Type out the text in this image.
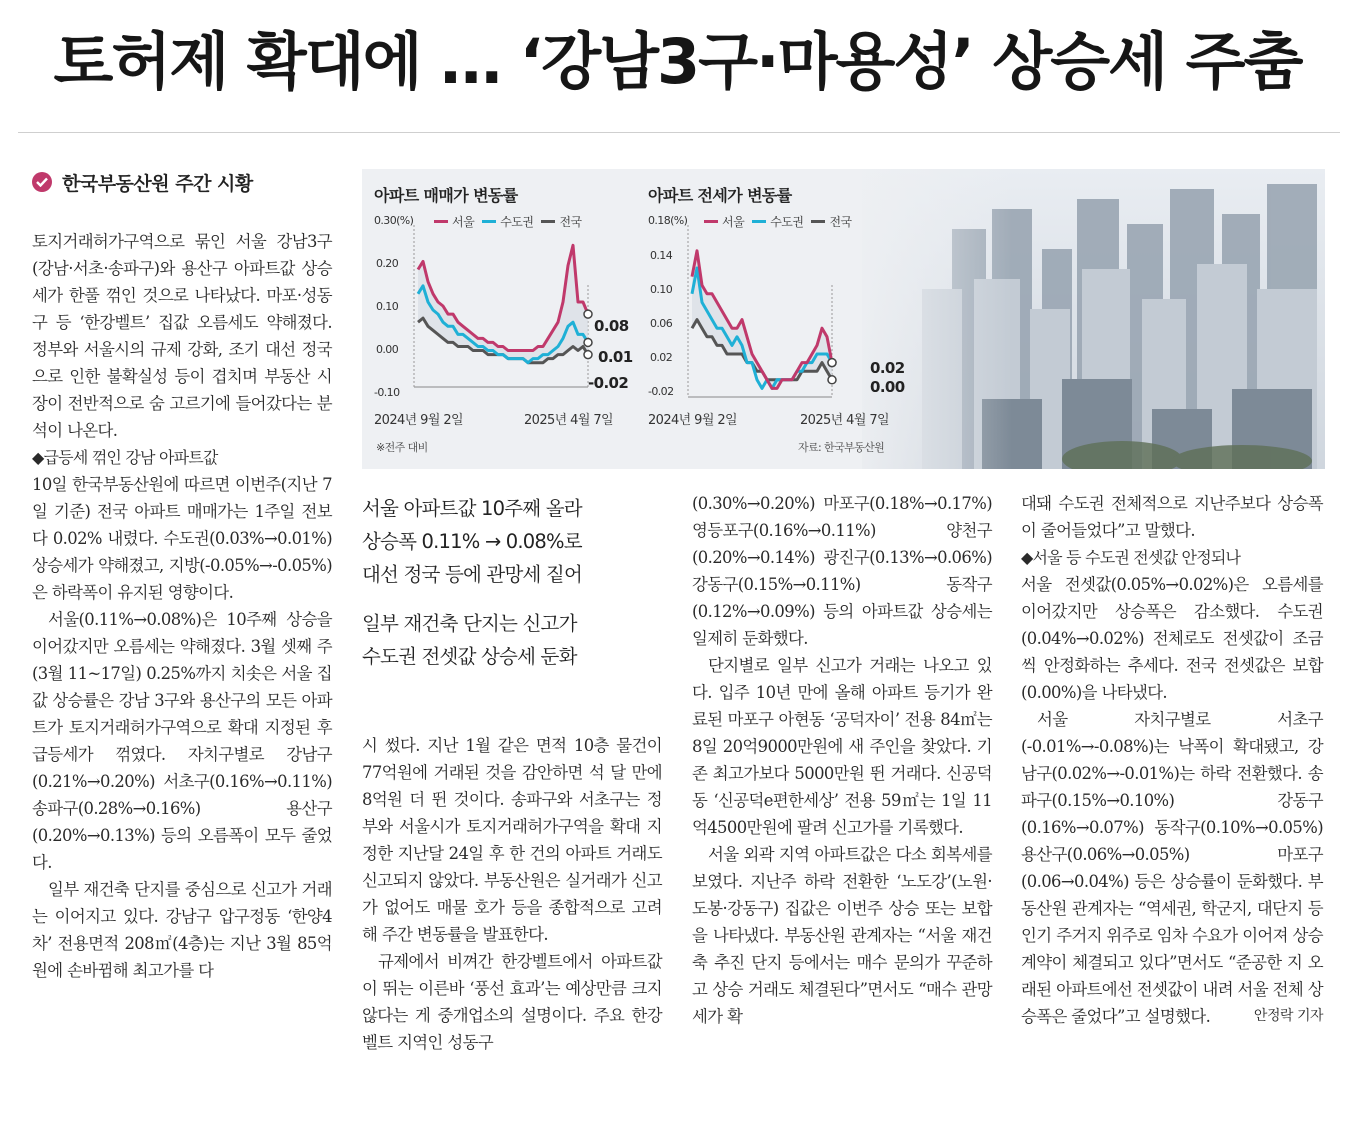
토허제 확대에 … ‘강남3구·마용성’ 상승세 주춤
한국부동산원 주간 시황

토지거래허가구역으로 묶인 서울 강남3구(강남·서초·송파구)와 용산구 아파트값 상승세가 한풀 꺾인 것으로 나타났다. 마포·성동구 등 ‘한강벨트’ 집값 오름세도 약해졌다. 정부와 서울시의 규제 강화, 조기 대선 정국으로 인한 불확실성 등이 겹치며 부동산 시장이 전반적으로 숨 고르기에 들어갔다는 분석이 나온다.

◆급등세 꺾인 강남 아파트값

10일 한국부동산원에 따르면 이번주(지난 7일 기준) 전국 아파트 매매가는 1주일 전보다 0.02% 내렸다. 수도권(0.03%→0.01%) 상승세가 약해졌고, 지방(-0.05%→-0.05%)은 하락폭이 유지된 영향이다.

서울(0.11%→0.08%)은 10주째 상승을 이어갔지만 오름세는 약해졌다. 3월 셋째 주(3월 11~17일) 0.25%까지 치솟은 서울 집값 상승률은 강남 3구와 용산구의 모든 아파트가 토지거래허가구역으로 확대 지정된 후 급등세가 꺾였다. 자치구별로 강남구(0.21%→0.20%) 서초구(0.16%→0.11%) 송파구(0.28%→0.16%) 용산구(0.20%→0.13%) 등의 오름폭이 모두 줄었다.

일부 재건축 단지를 중심으로 신고가 거래는 이어지고 있다. 강남구 압구정동 ‘한양4차’ 전용면적 208㎡(4층)는 지난 3월 85억원에 손바뀜해 최고가를 다

아파트 매매가 변동률
0.30(%)	서울 수도권 전국
0.20
0.10
0.00
-0.10
2024년 9월 2일	2025년 4월 7일
※전주 대비
0.08
0.01
-0.02
아파트 전세가 변동률
0.18(%)	서울 수도권 전국
0.14
0.10
0.06
0.02
-0.02
2024년 9월 2일	2025년 4월 7일
자료: 한국부동산원
0.02
0.00

서울 아파트값 10주째 올라

상승폭 0.11% → 0.08%로

대선 정국 등에 관망세 짙어

일부 재건축 단지는 신고가

수도권 전셋값 상승세 둔화

시 썼다. 지난 1월 같은 면적 10층 물건이 77억원에 거래된 것을 감안하면 석 달 만에 8억원 더 뛴 것이다. 송파구와 서초구는 정부와 서울시가 토지거래허가구역을 확대 지정한 지난달 24일 후 한 건의 아파트 거래도 신고되지 않았다. 부동산원은 실거래가 신고가 없어도 매물 호가 등을 종합적으로 고려해 주간 변동률을 발표한다.

규제에서 비껴간 한강벨트에서 아파트값이 뛰는 이른바 ‘풍선 효과’는 예상만큼 크지 않다는 게 중개업소의 설명이다. 주요 한강벨트 지역인 성동구

(0.30%→0.20%) 마포구(0.18%→0.17%) 영등포구(0.16%→0.11%) 양천구(0.20%→0.14%) 광진구(0.13%→0.06%) 강동구(0.15%→0.11%) 동작구(0.12%→0.09%) 등의 아파트값 상승세는 일제히 둔화했다.

단지별로 일부 신고가 거래는 나오고 있다. 입주 10년 만에 올해 아파트 등기가 완료된 마포구 아현동 ‘공덕자이’ 전용 84㎡는 8일 20억9000만원에 새 주인을 찾았다. 기존 최고가보다 5000만원 뛴 거래다. 신공덕동 ‘신공덕e편한세상’ 전용 59㎡는 1일 11억4500만원에 팔려 신고가를 기록했다.

서울 외곽 지역 아파트값은 다소 회복세를 보였다. 지난주 하락 전환한 ‘노도강’(노원·도봉·강동구) 집값은 이번주 상승 또는 보합을 나타냈다. 부동산원 관계자는 “서울 재건축 추진 단지 등에서는 매수 문의가 꾸준하고 상승 거래도 체결된다”면서도 “매수 관망세가 확

대돼 수도권 전체적으로 지난주보다 상승폭이 줄어들었다”고 말했다.

◆서울 등 수도권 전셋값 안정되나

서울 전셋값(0.05%→0.02%)은 오름세를 이어갔지만 상승폭은 감소했다. 수도권(0.04%→0.02%) 전체로도 전셋값이 조금씩 안정화하는 추세다. 전국 전셋값은 보합(0.00%)을 나타냈다.

서울 자치구별로 서초구(-0.01%→-0.08%)는 낙폭이 확대됐고, 강남구(0.02%→-0.01%)는 하락 전환했다. 송파구(0.15%→0.10%) 강동구(0.16%→0.07%) 동작구(0.10%→0.05%) 용산구(0.06%→0.05%) 마포구(0.06→0.04%) 등은 상승률이 둔화했다. 부동산원 관계자는 “역세권, 학군지, 대단지 등 인기 주거지 위주로 임차 수요가 이어져 상승 계약이 체결되고 있다”면서도 “준공한 지 오래된 아파트에선 전셋값이 내려 서울 전체 상승폭은 줄었다”고 설명했다.	안정락 기자
